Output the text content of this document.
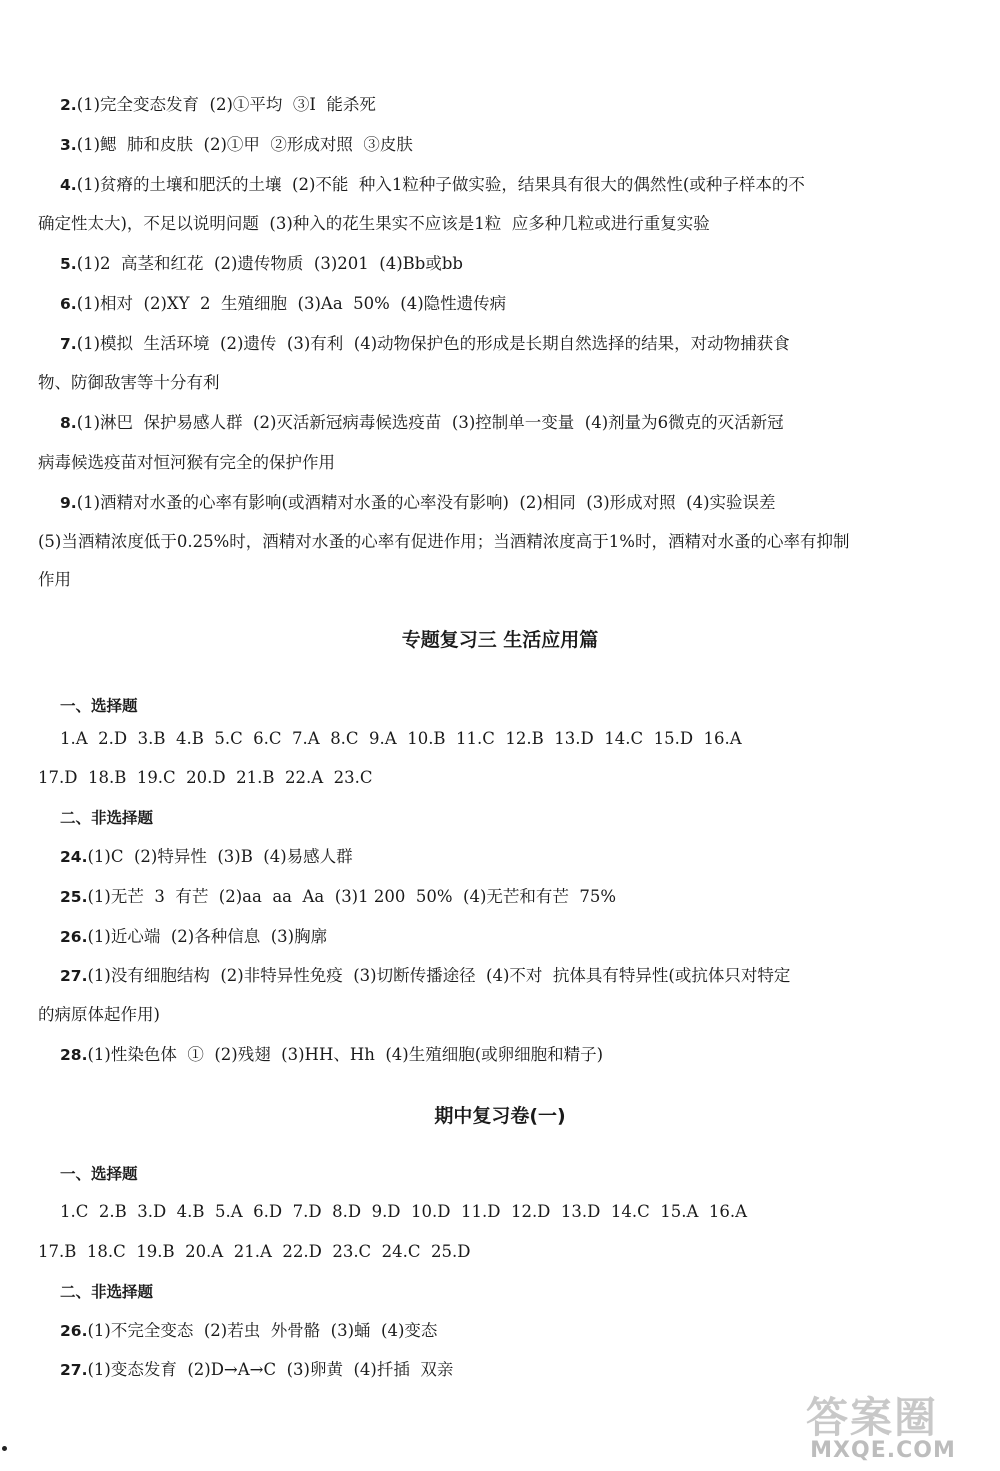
2.(1)完全变态发育  (2)①平均  ③Ⅰ  能杀死
3.(1)鳃  肺和皮肤  (2)①甲  ②形成对照  ③皮肤
4.(1)贫瘠的土壤和肥沃的土壤  (2)不能  种入1粒种子做实验，结果具有很大的偶然性(或种子样本的不
确定性太大)，不足以说明问题  (3)种入的花生果实不应该是1粒  应多种几粒或进行重复实验
5.(1)2  高茎和红花  (2)遗传物质  (3)201  (4)Bb或bb
6.(1)相对  (2)XY  2  生殖细胞  (3)Aa  50%  (4)隐性遗传病
7.(1)模拟  生活环境  (2)遗传  (3)有利  (4)动物保护色的形成是长期自然选择的结果，对动物捕获食
物、防御敌害等十分有利
8.(1)淋巴  保护易感人群  (2)灭活新冠病毒候选疫苗  (3)控制单一变量  (4)剂量为6微克的灭活新冠
病毒候选疫苗对恒河猴有完全的保护作用
9.(1)酒精对水蚤的心率有影响(或酒精对水蚤的心率没有影响)  (2)相同  (3)形成对照  (4)实验误差
(5)当酒精浓度低于0.25%时，酒精对水蚤的心率有促进作用；当酒精浓度高于1%时，酒精对水蚤的心率有抑制
作用
专题复习三 生活应用篇
一、选择题
1.A  2.D  3.B  4.B  5.C  6.C  7.A  8.C  9.A  10.B  11.C  12.B  13.D  14.C  15.D  16.A
17.D  18.B  19.C  20.D  21.B  22.A  23.C
二、非选择题
24.(1)C  (2)特异性  (3)B  (4)易感人群
25.(1)无芒  3  有芒  (2)aa  aa  Aa  (3)1 200  50%  (4)无芒和有芒  75%
26.(1)近心端  (2)各种信息  (3)胸廓
27.(1)没有细胞结构  (2)非特异性免疫  (3)切断传播途径  (4)不对  抗体具有特异性(或抗体只对特定
的病原体起作用)
28.(1)性染色体  ①  (2)残翅  (3)HH、Hh  (4)生殖细胞(或卵细胞和精子)
期中复习卷(一)
一、选择题
1.C  2.B  3.D  4.B  5.A  6.D  7.D  8.D  9.D  10.D  11.D  12.D  13.D  14.C  15.A  16.A
17.B  18.C  19.B  20.A  21.A  22.D  23.C  24.C  25.D
二、非选择题
26.(1)不完全变态  (2)若虫  外骨骼  (3)蛹  (4)变态
27.(1)变态发育  (2)D→A→C  (3)卵黄  (4)扦插  双亲
答案圈
MXQE.COM
